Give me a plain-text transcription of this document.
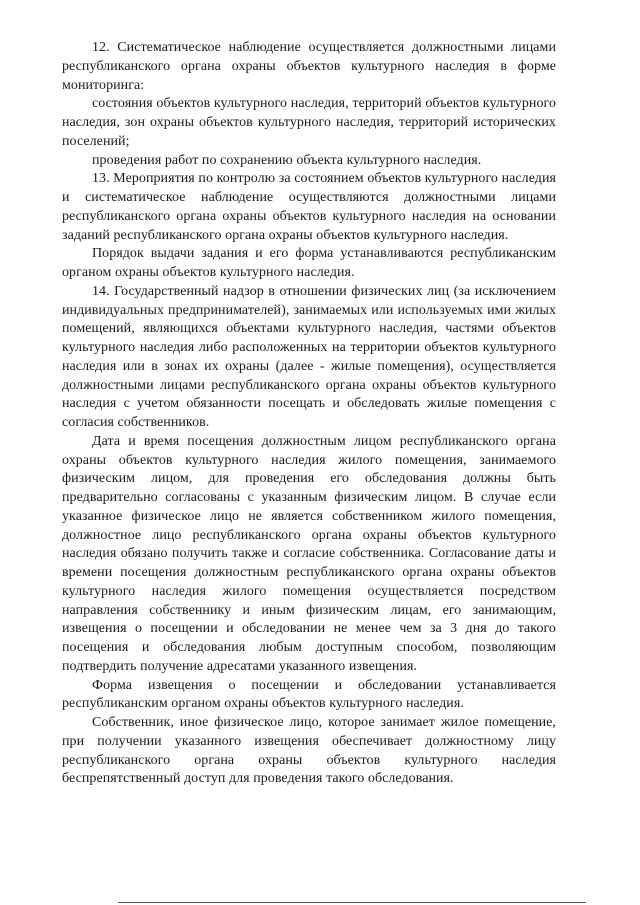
12. Систематическое наблюдение осуществляется должностными лицами республиканского органа охраны объектов культурного наследия в форме мониторинга:

состояния объектов культурного наследия, территорий объектов культурного наследия, зон охраны объектов культурного наследия, территорий исторических поселений;

проведения работ по сохранению объекта культурного наследия.

13. Мероприятия по контролю за состоянием объектов культурного наследия и систематическое наблюдение осуществляются должностными лицами республиканского органа охраны объектов культурного наследия на основании заданий республиканского органа охраны объектов культурного наследия.

Порядок выдачи задания и его форма устанавливаются республиканским органом охраны объектов культурного наследия.

14. Государственный надзор в отношении физических лиц (за исключением индивидуальных предпринимателей), занимаемых или используемых ими жилых помещений, являющихся объектами культурного наследия, частями объектов культурного наследия либо расположенных на территории объектов культурного наследия или в зонах их охраны (далее - жилые помещения), осуществляется должностными лицами республиканского органа охраны объектов культурного наследия с учетом обязанности посещать и обследовать жилые помещения с согласия собственников.

Дата и время посещения должностным лицом республиканского органа охраны объектов культурного наследия жилого помещения, занимаемого физическим лицом, для проведения его обследования должны быть предварительно согласованы с указанным физическим лицом. В случае если указанное физическое лицо не является собственником жилого помещения, должностное лицо республиканского органа охраны объектов культурного наследия обязано получить также и согласие собственника. Согласование даты и времени посещения должностным республиканского органа охраны объектов культурного наследия жилого помещения осуществляется посредством направления собственнику и иным физическим лицам, его занимающим, извещения о посещении и обследовании не менее чем за 3 дня до такого посещения и обследования любым доступным способом, позволяющим подтвердить получение адресатами указанного извещения.

Форма извещения о посещении и обследовании устанавливается республиканским органом охраны объектов культурного наследия.

Собственник, иное физическое лицо, которое занимает жилое помещение, при получении указанного извещения обеспечивает должностному лицу республиканского органа охраны объектов культурного наследия беспрепятственный доступ для проведения такого обследования.
